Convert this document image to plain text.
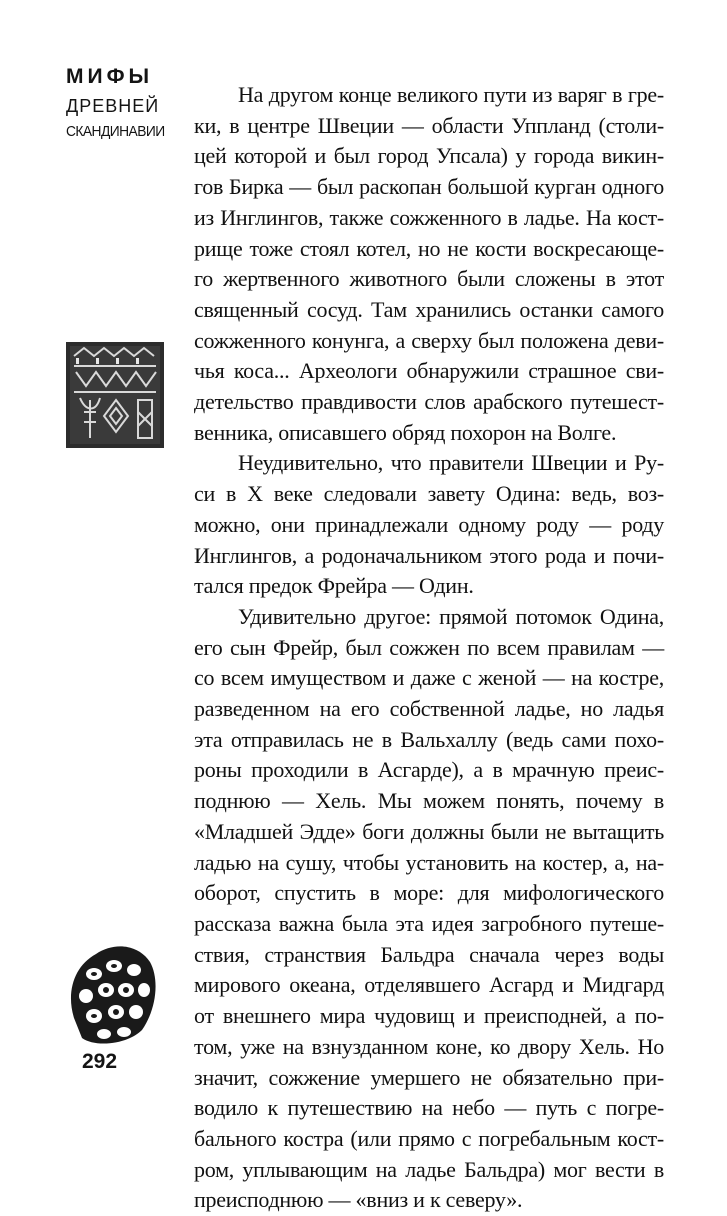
МИФЫ
ДРЕВНЕЙ
СКАНДИНАВИИ
292
На другом конце великого пути из варяг в гре-
ки, в центре Швеции — области Уппланд (столи-
цей которой и был город Упсала) у города викин-
гов Бирка — был раскопан большой курган одного
из Инглингов, также сожженного в ладье. На кост-
рище тоже стоял котел, но не кости воскресающе-
го жертвенного животного были сложены в этот
священный сосуд. Там хранились останки самого
сожженного конунга, а сверху был положена деви-
чья коса... Археологи обнаружили страшное сви-
детельство правдивости слов арабского путешест-
венника, описавшего обряд похорон на Волге.
Неудивительно, что правители Швеции и Ру-
си в X веке следовали завету Одина: ведь, воз-
можно, они принадлежали одному роду — роду
Инглингов, а родоначальником этого рода и почи-
тался предок Фрейра — Один.
Удивительно другое: прямой потомок Одина,
его сын Фрейр, был сожжен по всем правилам —
со всем имуществом и даже с женой — на костре,
разведенном на его собственной ладье, но ладья
эта отправилась не в Вальхаллу (ведь сами похо-
роны проходили в Асгарде), а в мрачную преис-
поднюю — Хель. Мы можем понять, почему в
«Младшей Эдде» боги должны были не вытащить
ладью на сушу, чтобы установить на костер, а, на-
оборот, спустить в море: для мифологического
рассказа важна была эта идея загробного путеше-
ствия, странствия Бальдра сначала через воды
мирового океана, отделявшего Асгард и Мидгард
от внешнего мира чудовищ и преисподней, а по-
том, уже на взнузданном коне, ко двору Хель. Но
значит, сожжение умершего не обязательно при-
водило к путешествию на небо — путь с погре-
бального костра (или прямо с погребальным кост-
ром, уплывающим на ладье Бальдра) мог вести в
преисподнюю — «вниз и к северу».
